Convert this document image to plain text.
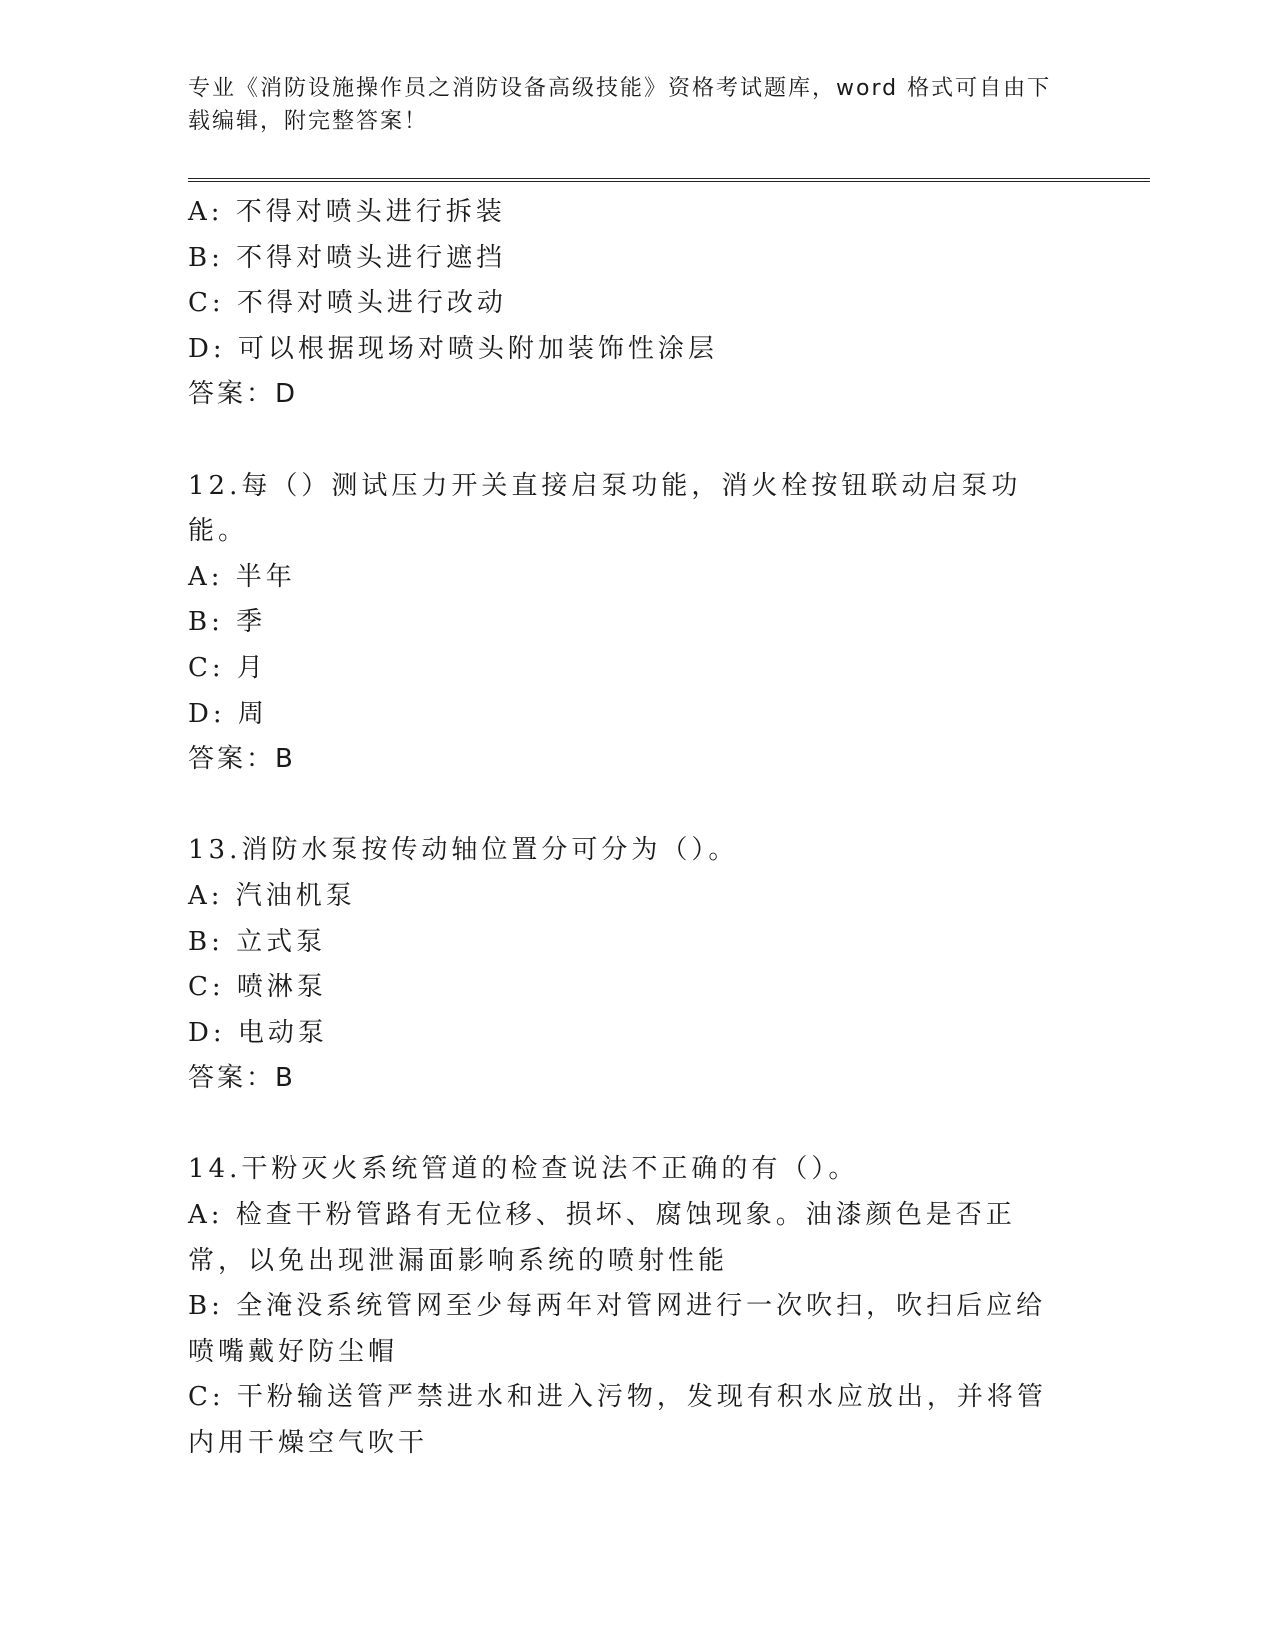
专业《消防设施操作员之消防设备高级技能》资格考试题库，word 格式可自由下载编辑，附完整答案！
A: 不得对喷头进行拆装
B: 不得对喷头进行遮挡
C: 不得对喷头进行改动
D: 可以根据现场对喷头附加装饰性涂层
答案：D
12.每（）测试压力开关直接启泵功能，消火栓按钮联动启泵功能。
A: 半年
B: 季
C: 月
D: 周
答案：B
13.消防水泵按传动轴位置分可分为（）。
A: 汽油机泵
B: 立式泵
C: 喷淋泵
D: 电动泵
答案：B
14.干粉灭火系统管道的检查说法不正确的有（）。
A: 检查干粉管路有无位移、损坏、腐蚀现象。油漆颜色是否正常，以免出现泄漏面影响系统的喷射性能
B: 全淹没系统管网至少每两年对管网进行一次吹扫，吹扫后应给喷嘴戴好防尘帽
C: 干粉输送管严禁进水和进入污物，发现有积水应放出，并将管内用干燥空气吹干
